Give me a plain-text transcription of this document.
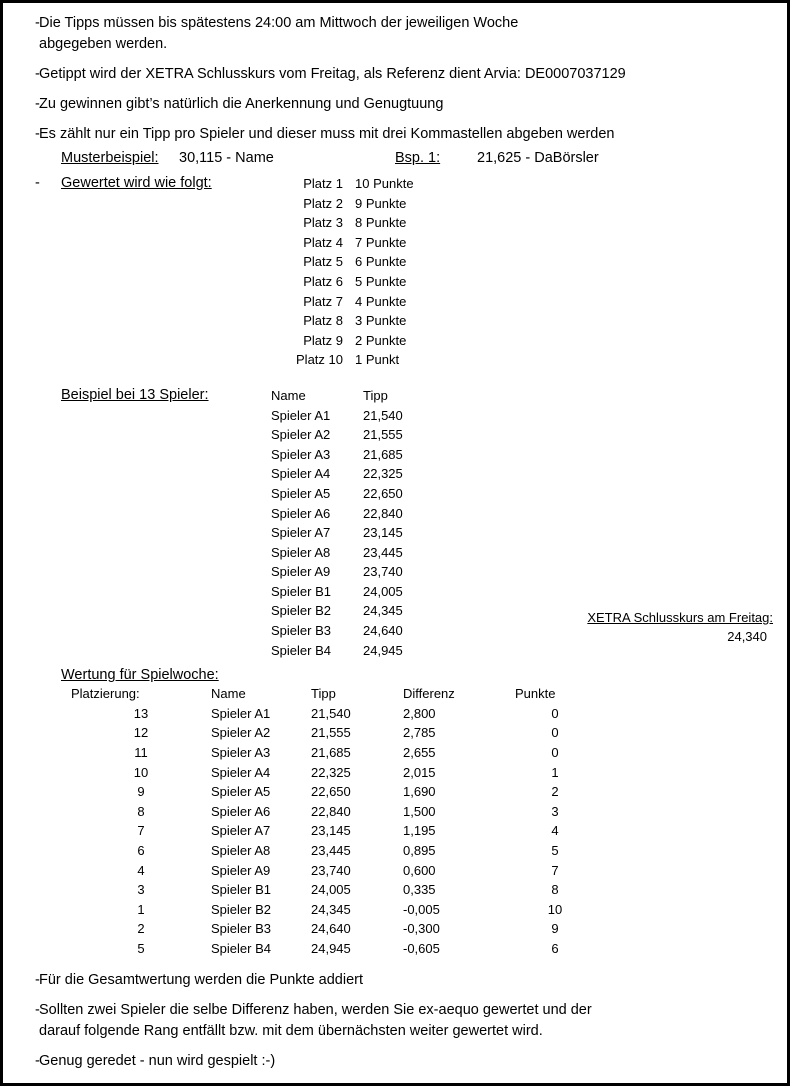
- Die Tipps müssen bis spätestens 24:00 am Mittwoch der jeweiligen Woche
abgegeben werden.
- Getippt wird der XETRA Schlusskurs vom Freitag, als Referenz dient Arvia: DE0007037129
- Zu gewinnen gibt’s natürlich die Anerkennung und Genugtuung
- Es zählt nur ein Tipp pro Spieler und dieser muss mit drei Kommastellen abgeben werden
Musterbeispiel:	30,115 - Name	Bsp. 1:	21,625 - DaBörsler
- Gewertet wird wie folgt:	Platz 1	10 Punkte
Platz 2	9 Punkte
Platz 3	8 Punkte
Platz 4	7 Punkte
Platz 5	6 Punkte
Platz 6	5 Punkte
Platz 7	4 Punkte
Platz 8	3 Punkte
Platz 9	2 Punkte
Platz 10	1 Punkt
Beispiel bei 13 Spieler:	Name	Tipp
Spieler A1	21,540
Spieler A2	21,555
Spieler A3	21,685
Spieler A4	22,325
Spieler A5	22,650
Spieler A6	22,840
Spieler A7	23,145
Spieler A8	23,445
Spieler A9	23,740
Spieler B1	24,005
Spieler B2	24,345
Spieler B3	24,640
Spieler B4	24,945
XETRA Schlusskurs am Freitag:
24,340
Wertung für Spielwoche:
Platzierung:	Name	Tipp	Differenz	Punkte
13	Spieler A1	21,540	2,800	0
12	Spieler A2	21,555	2,785	0
11	Spieler A3	21,685	2,655	0
10	Spieler A4	22,325	2,015	1
9	Spieler A5	22,650	1,690	2
8	Spieler A6	22,840	1,500	3
7	Spieler A7	23,145	1,195	4
6	Spieler A8	23,445	0,895	5
4	Spieler A9	23,740	0,600	7
3	Spieler B1	24,005	0,335	8
1	Spieler B2	24,345	-0,005	10
2	Spieler B3	24,640	-0,300	9
5	Spieler B4	24,945	-0,605	6
- Für die Gesamtwertung werden die Punkte addiert
- Sollten zwei Spieler die selbe Differenz haben, werden Sie ex-aequo gewertet und der
darauf folgende Rang entfällt bzw. mit dem übernächsten weiter gewertet wird.
- Genug geredet - nun wird gespielt :-)
